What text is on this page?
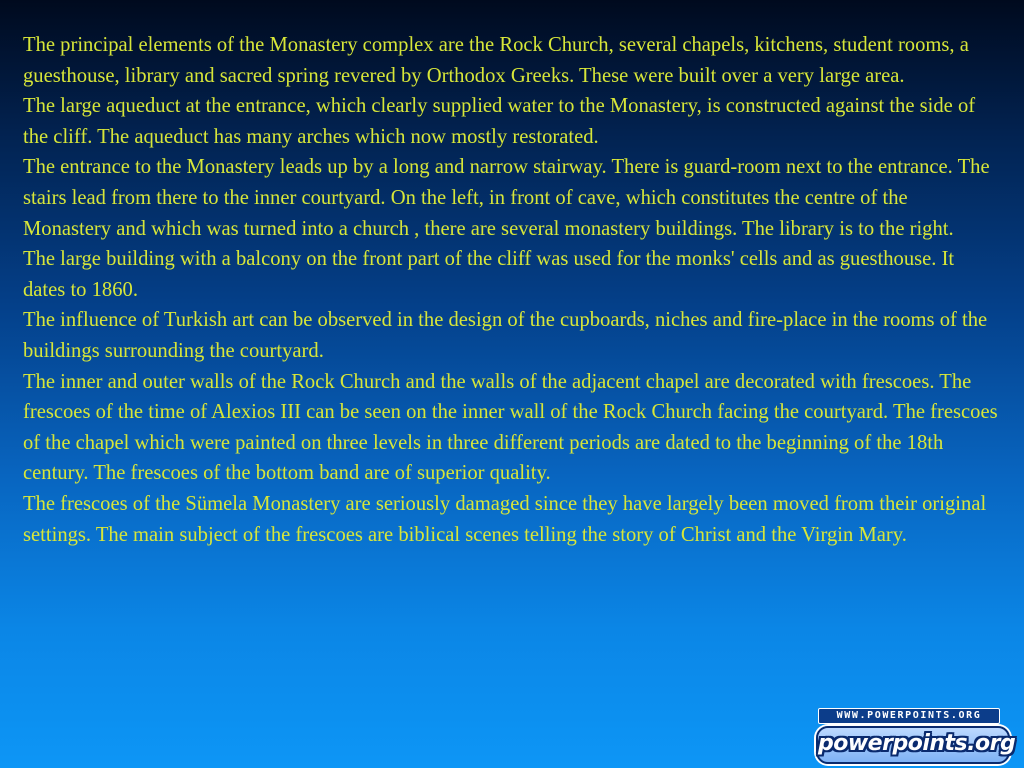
The principal elements of the Monastery complex are the Rock Church, several chapels, kitchens, student rooms, a guesthouse, library and sacred spring revered by Orthodox Greeks. These were built over a very large area.

The large aqueduct at the entrance, which clearly supplied water to the Monastery, is constructed against the side of the cliff. The aqueduct has many arches which now mostly restorated.

The entrance to the Monastery leads up by a long and narrow stairway. There is guard-room next to the entrance. The stairs lead from there to the inner courtyard. On the left, in front of cave, which constitutes the centre of the Monastery and which was turned into a church , there are several monastery buildings. The library is to the right.

The large building with a balcony on the front part of the cliff was used for the monks' cells and as guesthouse. It dates to 1860.

The influence of Turkish art can be observed in the design of the cupboards, niches and fire-place in the rooms of the buildings surrounding the courtyard.

The inner and outer walls of the Rock Church and the walls of the adjacent chapel are decorated with frescoes. The frescoes of the time of Alexios III can be seen on the inner wall of the Rock Church facing the courtyard. The frescoes of the chapel which were painted on three levels in three different periods are dated to the beginning of the 18th century. The frescoes of the bottom band are of superior quality.

The frescoes of the Sümela Monastery are seriously damaged since they have largely been moved from their original settings. The main subject of the frescoes are biblical scenes telling the story of Christ and the Virgin Mary.

WWW.POWERPOINTS.ORG
powerpoints.org
